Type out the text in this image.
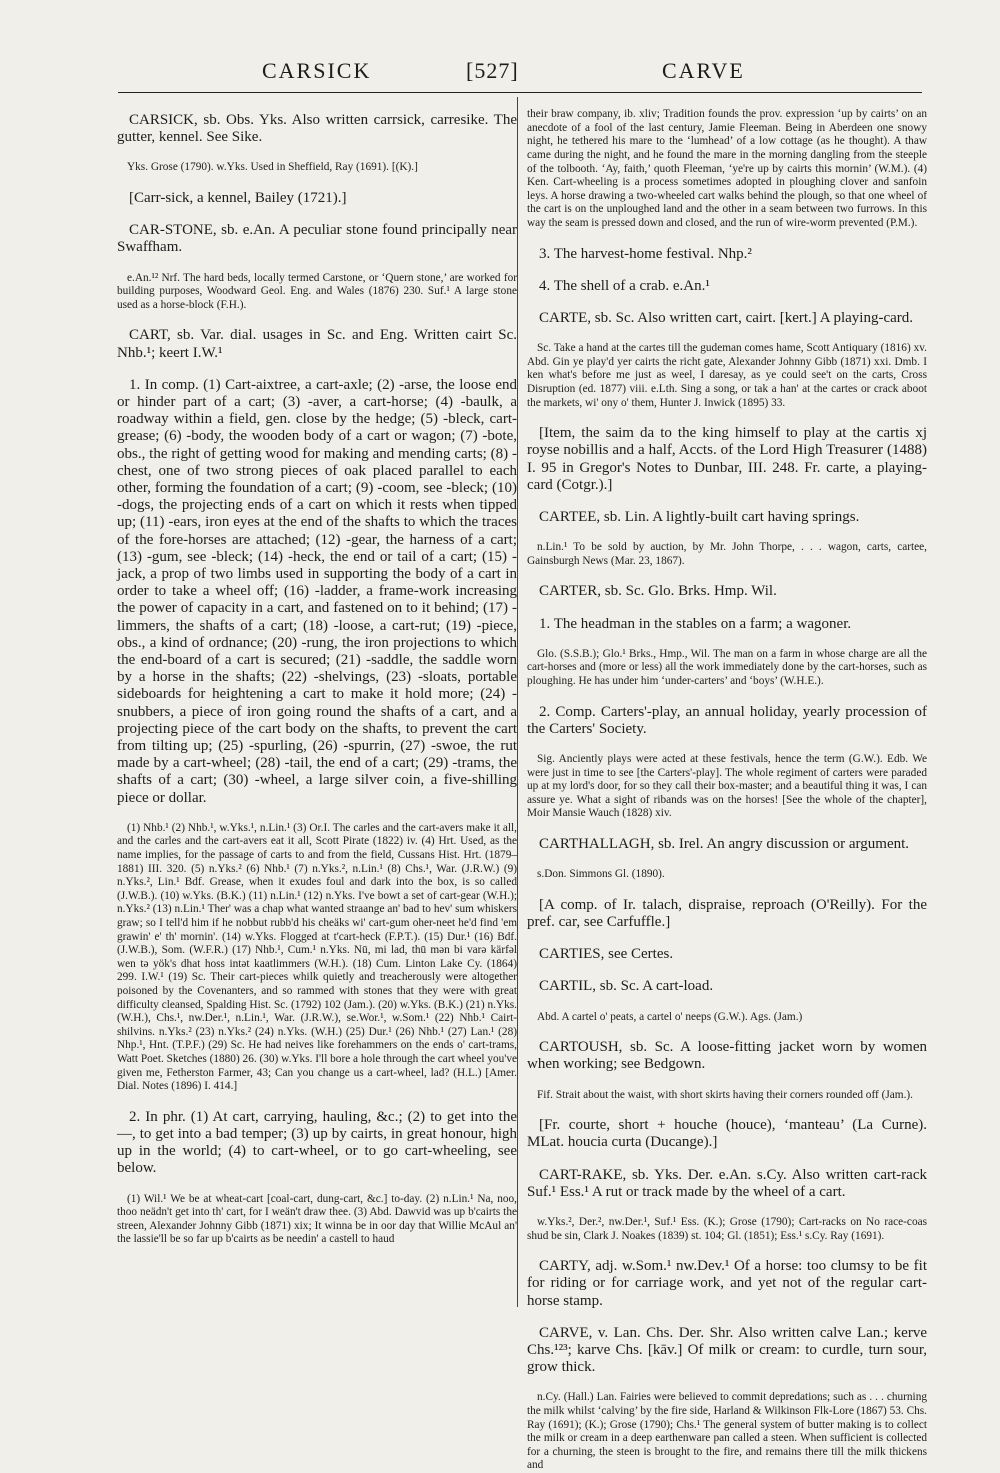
CARSICK	[527]	CARVE

CARSICK, sb. Obs. Yks. Also written carrsick, carresike. The gutter, kennel. See Sike.

Yks. Grose (1790). w.Yks. Used in Sheffield, Ray (1691). [(K).]

[Carr-sick, a kennel, Bailey (1721).]

CAR-STONE, sb. e.An. A peculiar stone found principally near Swaffham.

e.An.¹² Nrf. The hard beds, locally termed Carstone, or ‘Quern stone,’ are worked for building purposes, Woodward Geol. Eng. and Wales (1876) 230. Suf.¹ A large stone used as a horse-block (F.H.).

CART, sb. Var. dial. usages in Sc. and Eng. Written cairt Sc. Nhb.¹; keert I.W.¹

1. In comp. (1) Cart-aixtree, a cart-axle; (2) -arse, the loose end or hinder part of a cart; (3) -aver, a cart-horse; (4) -baulk, a roadway within a field, gen. close by the hedge; (5) -bleck, cart-grease; (6) -body, the wooden body of a cart or wagon; (7) -bote, obs., the right of getting wood for making and mending carts; (8) -chest, one of two strong pieces of oak placed parallel to each other, forming the foundation of a cart; (9) -coom, see -bleck; (10) -dogs, the projecting ends of a cart on which it rests when tipped up; (11) -ears, iron eyes at the end of the shafts to which the traces of the fore-horses are attached; (12) -gear, the harness of a cart; (13) -gum, see -bleck; (14) -heck, the end or tail of a cart; (15) -jack, a prop of two limbs used in supporting the body of a cart in order to take a wheel off; (16) -ladder, a frame-work increasing the power of capacity in a cart, and fastened on to it behind; (17) -limmers, the shafts of a cart; (18) -loose, a cart-rut; (19) -piece, obs., a kind of ordnance; (20) -rung, the iron projections to which the end-board of a cart is secured; (21) -saddle, the saddle worn by a horse in the shafts; (22) -shelvings, (23) -sloats, portable sideboards for heightening a cart to make it hold more; (24) -snubbers, a piece of iron going round the shafts of a cart, and a projecting piece of the cart body on the shafts, to prevent the cart from tilting up; (25) -spurling, (26) -spurrin, (27) -swoe, the rut made by a cart-wheel; (28) -tail, the end of a cart; (29) -trams, the shafts of a cart; (30) -wheel, a large silver coin, a five-shilling piece or dollar.

(1) Nhb.¹ (2) Nhb.¹, w.Yks.¹, n.Lin.¹ (3) Or.I. The carles and the cart-avers make it all, and the carles and the cart-avers eat it all, Scott Pirate (1822) iv. (4) Hrt. Used, as the name implies, for the passage of carts to and from the field, Cussans Hist. Hrt. (1879–1881) III. 320. (5) n.Yks.² (6) Nhb.¹ (7) n.Yks.², n.Lin.¹ (8) Chs.¹, War. (J.R.W.) (9) n.Yks.², Lin.¹ Bdf. Grease, when it exudes foul and dark into the box, is so called (J.W.B.). (10) w.Yks. (B.K.) (11) n.Lin.¹ (12) n.Yks. I've bowt a set of cart-gear (W.H.); n.Yks.² (13) n.Lin.¹ Ther' was a chap what wanted straange an' bad to hev' sum whiskers graw; so I tell'd him if he nobbut rubb'd his cheäks wi' cart-gum oher-neet he'd find 'em grawin' e' th' mornin'. (14) w.Yks. Flogged at t'cart-heck (F.P.T.). (15) Dur.¹ (16) Bdf. (J.W.B.), Som. (W.F.R.) (17) Nhb.¹, Cum.¹ n.Yks. Nū, mi lad, thū mən bi varə kärfəl wen tə yök's dhat hoss intət kaatlimmers (W.H.). (18) Cum. Linton Lake Cy. (1864) 299. I.W.¹ (19) Sc. Their cart-pieces whilk quietly and treacherously were altogether poisoned by the Covenanters, and so rammed with stones that they were with great difficulty cleansed, Spalding Hist. Sc. (1792) 102 (Jam.). (20) w.Yks. (B.K.) (21) n.Yks. (W.H.), Chs.¹, nw.Der.¹, n.Lin.¹, War. (J.R.W.), se.Wor.¹, w.Som.¹ (22) Nhb.¹ Cairt-shilvins. n.Yks.² (23) n.Yks.² (24) n.Yks. (W.H.) (25) Dur.¹ (26) Nhb.¹ (27) Lan.¹ (28) Nhp.¹, Hnt. (T.P.F.) (29) Sc. He had neives like forehammers on the ends o' cart-trams, Watt Poet. Sketches (1880) 26. (30) w.Yks. I'll bore a hole through the cart wheel you've given me, Fetherston Farmer, 43; Can you change us a cart-wheel, lad? (H.L.) [Amer. Dial. Notes (1896) I. 414.]

2. In phr. (1) At cart, carrying, hauling, &c.; (2) to get into the —, to get into a bad temper; (3) up by cairts, in great honour, high up in the world; (4) to cart-wheel, or to go cart-wheeling, see below.

(1) Wil.¹ We be at wheat-cart [coal-cart, dung-cart, &c.] to-day. (2) n.Lin.¹ Na, noo, thoo neädn't get into th' cart, for I weän't draw thee. (3) Abd. Dawvid was up b'cairts the streen, Alexander Johnny Gibb (1871) xix; It winna be in oor day that Willie McAul an' the lassie'll be so far up b'cairts as be needin' a castell to haud

their braw company, ib. xliv; Tradition founds the prov. expression ‘up by cairts’ on an anecdote of a fool of the last century, Jamie Fleeman. Being in Aberdeen one snowy night, he tethered his mare to the ‘lumhead’ of a low cottage (as he thought). A thaw came during the night, and he found the mare in the morning dangling from the steeple of the tolbooth. ‘Ay, faith,’ quoth Fleeman, ‘ye're up by cairts this mornin’ (W.M.). (4) Ken. Cart-wheeling is a process sometimes adopted in ploughing clover and sanfoin leys. A horse drawing a two-wheeled cart walks behind the plough, so that one wheel of the cart is on the unploughed land and the other in a seam between two furrows. In this way the seam is pressed down and closed, and the run of wire-worm prevented (P.M.).

3. The harvest-home festival. Nhp.²

4. The shell of a crab. e.An.¹

CARTE, sb. Sc. Also written cart, cairt. [kert.] A playing-card.

Sc. Take a hand at the cartes till the gudeman comes hame, Scott Antiquary (1816) xv. Abd. Gin ye play'd yer cairts the richt gate, Alexander Johnny Gibb (1871) xxi. Dmb. I ken what's before me just as weel, I daresay, as ye could see't on the carts, Cross Disruption (ed. 1877) viii. e.Lth. Sing a song, or tak a han' at the cartes or crack aboot the markets, wi' ony o' them, Hunter J. Inwick (1895) 33.

[Item, the saim da to the king himself to play at the cartis xj royse nobillis and a half, Accts. of the Lord High Treasurer (1488) I. 95 in Gregor's Notes to Dunbar, III. 248. Fr. carte, a playing-card (Cotgr.).]

CARTEE, sb. Lin. A lightly-built cart having springs.

n.Lin.¹ To be sold by auction, by Mr. John Thorpe, . . . wagon, carts, cartee, Gainsburgh News (Mar. 23, 1867).

CARTER, sb. Sc. Glo. Brks. Hmp. Wil.

1. The headman in the stables on a farm; a wagoner.

Glo. (S.S.B.); Glo.¹ Brks., Hmp., Wil. The man on a farm in whose charge are all the cart-horses and (more or less) all the work immediately done by the cart-horses, such as ploughing. He has under him ‘under-carters’ and ‘boys’ (W.H.E.).

2. Comp. Carters'-play, an annual holiday, yearly procession of the Carters' Society.

Sig. Anciently plays were acted at these festivals, hence the term (G.W.). Edb. We were just in time to see [the Carters'-play]. The whole regiment of carters were paraded up at my lord's door, for so they call their box-master; and a beautiful thing it was, I can assure ye. What a sight of ribands was on the horses! [See the whole of the chapter], Moir Mansie Wauch (1828) xiv.

CARTHALLAGH, sb. Irel. An angry discussion or argument.

s.Don. Simmons Gl. (1890).

[A comp. of Ir. talach, dispraise, reproach (O'Reilly). For the pref. car, see Carfuffle.]

CARTIES, see Certes.

CARTIL, sb. Sc. A cart-load.

Abd. A cartel o' peats, a cartel o' neeps (G.W.). Ags. (Jam.)

CARTOUSH, sb. Sc. A loose-fitting jacket worn by women when working; see Bedgown.

Fif. Strait about the waist, with short skirts having their corners rounded off (Jam.).

[Fr. courte, short + houche (houce), ‘manteau’ (La Curne). MLat. houcia curta (Ducange).]

CART-RAKE, sb. Yks. Der. e.An. s.Cy. Also written cart-rack Suf.¹ Ess.¹ A rut or track made by the wheel of a cart.

w.Yks.², Der.², nw.Der.¹, Suf.¹ Ess. (K.); Grose (1790); Cart-racks on No race-coas shud be sin, Clark J. Noakes (1839) st. 104; Gl. (1851); Ess.¹ s.Cy. Ray (1691).

CARTY, adj. w.Som.¹ nw.Dev.¹ Of a horse: too clumsy to be fit for riding or for carriage work, and yet not of the regular cart-horse stamp.

CARVE, v. Lan. Chs. Der. Shr. Also written calve Lan.; kerve Chs.¹²³; karve Chs. [kāv.] Of milk or cream: to curdle, turn sour, grow thick.

n.Cy. (Hall.) Lan. Fairies were believed to commit depredations; such as . . . churning the milk whilst ‘calving’ by the fire side, Harland & Wilkinson Flk-Lore (1867) 53. Chs. Ray (1691); (K.); Grose (1790); Chs.¹ The general system of butter making is to collect the milk or cream in a deep earthenware pan called a steen. When sufficient is collected for a churning, the steen is brought to the fire, and remains there till the milk thickens and
